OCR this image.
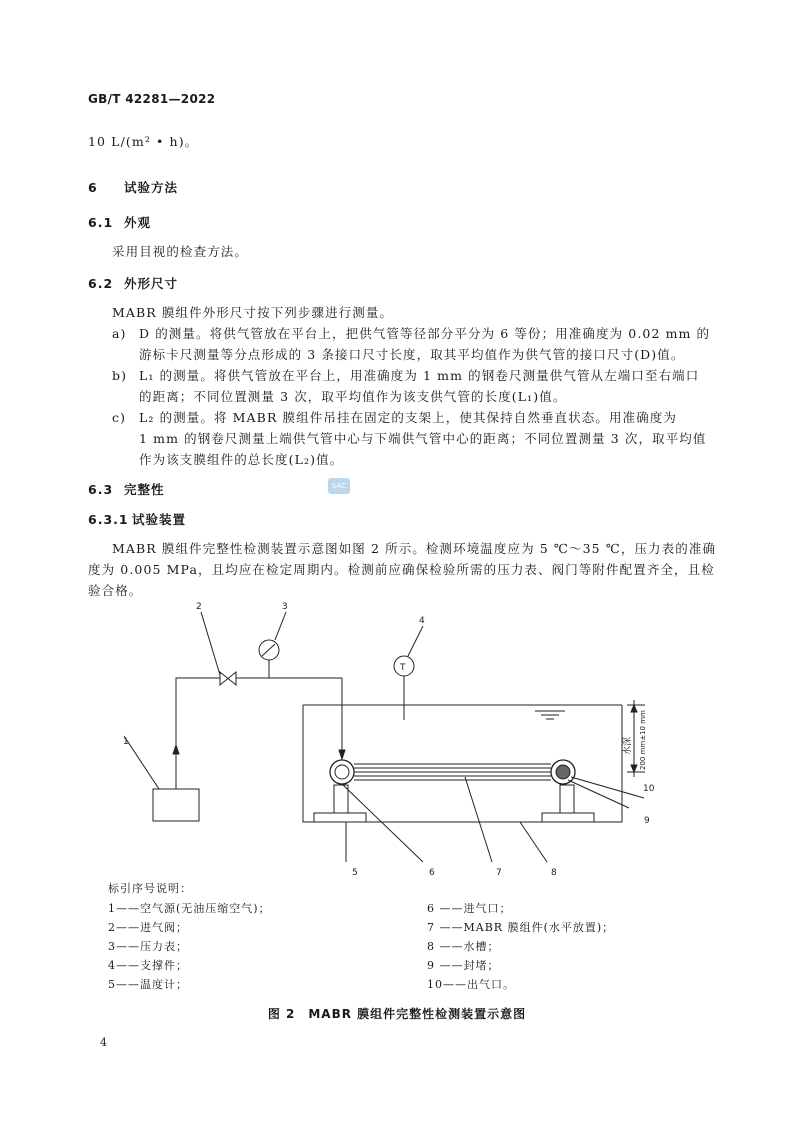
GB/T 42281—2022
10 L/(m² • h)。
6 试验方法
6.1 外观
采用目视的检查方法。
6.2 外形尺寸
MABR 膜组件外形尺寸按下列步骤进行测量。
a) D 的测量。将供气管放在平台上，把供气管等径部分平分为 6 等份；用准确度为 0.02 mm 的
游标卡尺测量等分点形成的 3 条接口尺寸长度，取其平均值作为供气管的接口尺寸(D)值。
b) L₁ 的测量。将供气管放在平台上，用准确度为 1 mm 的钢卷尺测量供气管从左端口至右端口
的距离；不同位置测量 3 次，取平均值作为该支供气管的长度(L₁)值。
c) L₂ 的测量。将 MABR 膜组件吊挂在固定的支架上，使其保持自然垂直状态。用准确度为
1 mm 的钢卷尺测量上端供气管中心与下端供气管中心的距离；不同位置测量 3 次，取平均值
作为该支膜组件的总长度(L₂)值。
6.3 完整性	SAC
6.3.1 试验装置
MABR 膜组件完整性检测装置示意图如图 2 所示。检测环境温度应为 5 ℃～35 ℃，压力表的准确
度为 0.005 MPa，且均应在检定周期内。检测前应确保检验所需的压力表、阀门等附件配置齐全，且检
验合格。
1
2	3
4
5	6	7	8
9
10
T
水深 200 mm±10 mm
标引序号说明：
1——空气源(无油压缩空气)；
2——进气阀；
3——压力表；
4——支撑件；
5——温度计；
6 ——进气口；
7 ——MABR 膜组件(水平放置)；
8 ——水槽；
9 ——封堵；
10——出气口。
图 2　MABR 膜组件完整性检测装置示意图
4
